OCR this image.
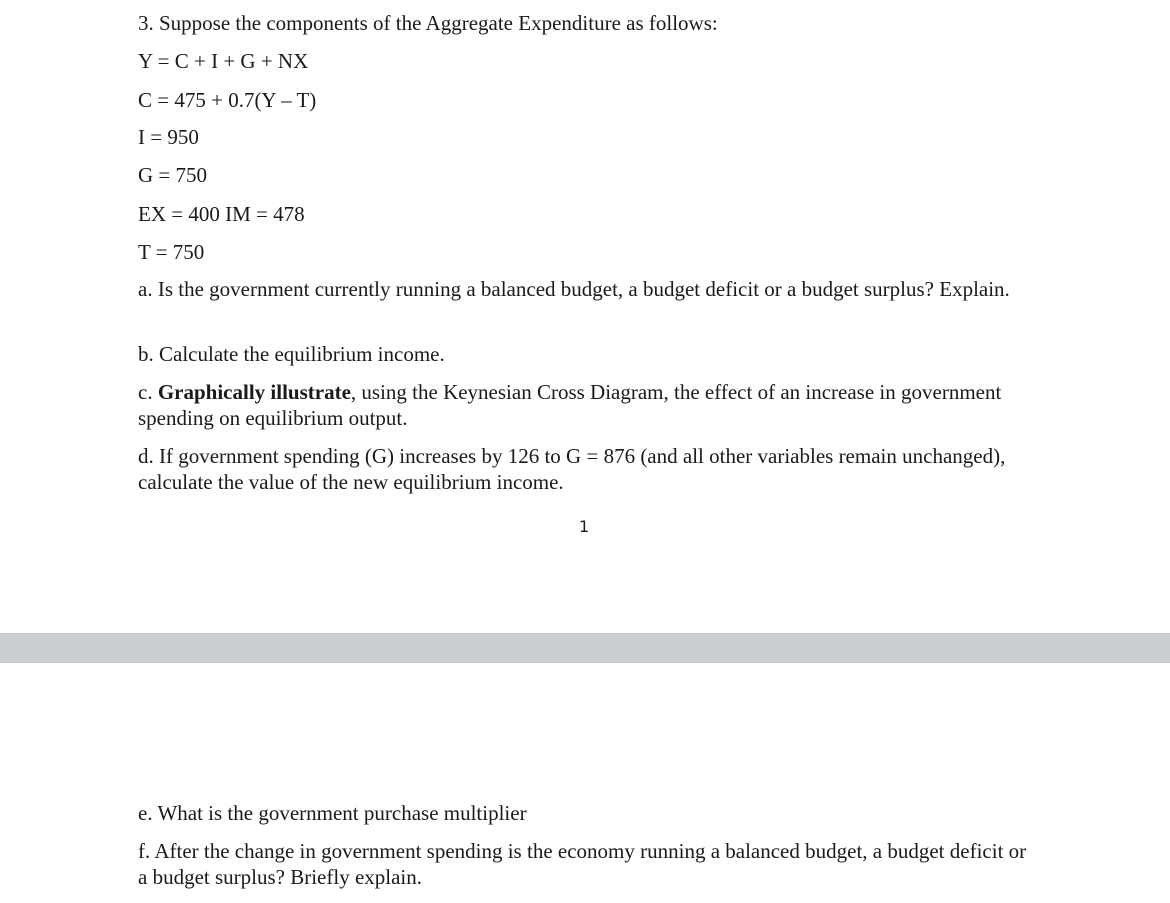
3. Suppose the components of the Aggregate Expenditure as follows:
Y = C + I + G + NX
C = 475 + 0.7(Y – T)
I = 950
G = 750
EX = 400 IM = 478
T = 750
a. Is the government currently running a balanced budget, a budget deficit or a budget surplus? Explain.
b. Calculate the equilibrium income.
c. Graphically illustrate, using the Keynesian Cross Diagram, the effect of an increase in government spending on equilibrium output.
d. If government spending (G) increases by 126 to G = 876 (and all other variables remain unchanged), calculate the value of the new equilibrium income.
1
e. What is the government purchase multiplier
f. After the change in government spending is the economy running a balanced budget, a budget deficit or a budget surplus? Briefly explain.
